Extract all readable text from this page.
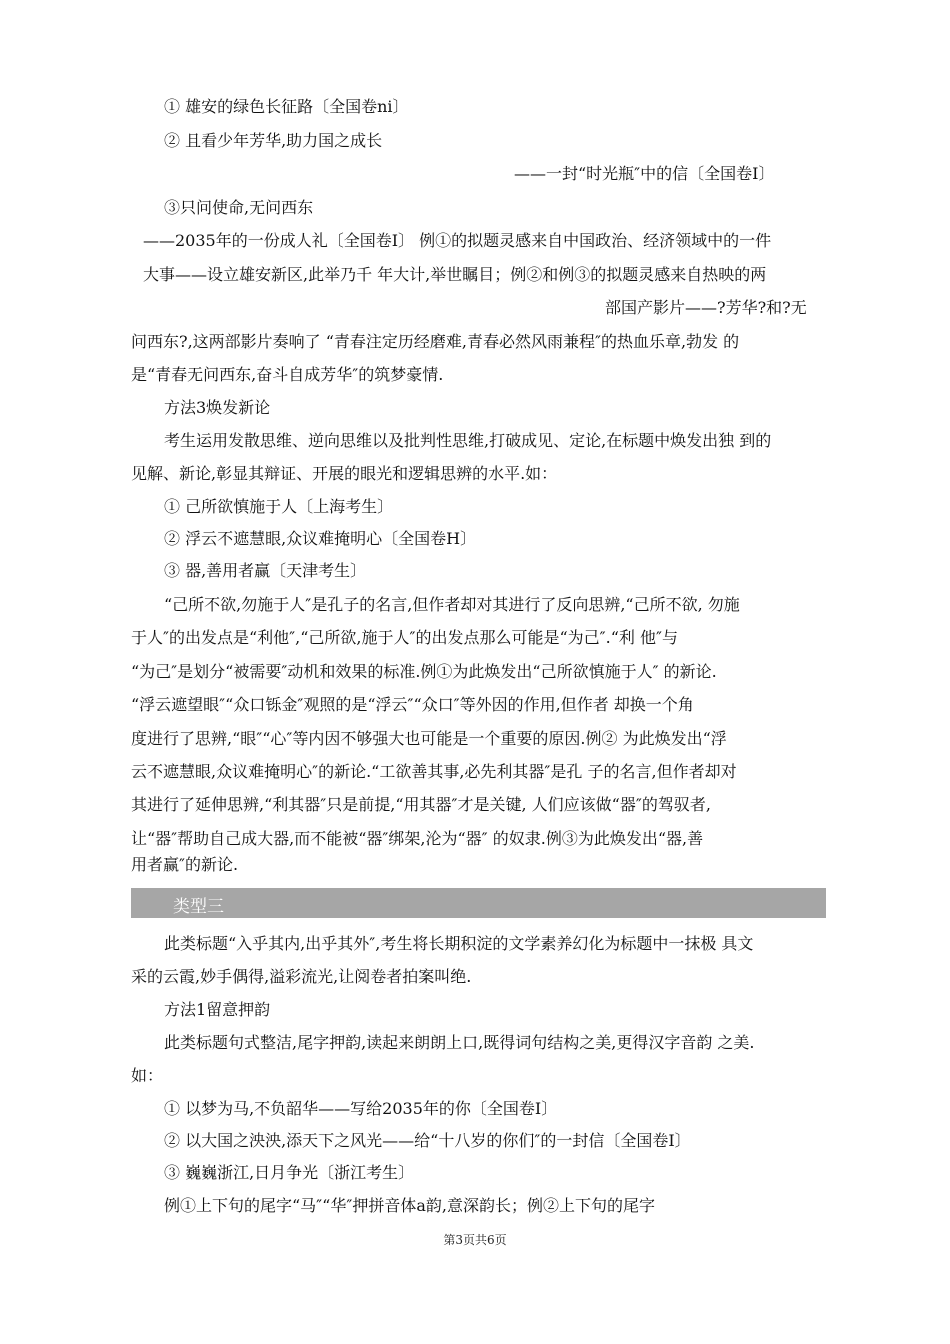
① 雄安的绿色长征路〔全国卷ni〕
② 且看少年芳华,助力国之成长
——一封“时光瓶″中的信〔全国卷I〕
③只问使命,无问西东
——2035年的一份成人礼〔全国卷Ⅰ〕 例①的拟题灵感来自中国政治、经济领域中的一件
大事——设立雄安新区,此举乃千 年大计,举世瞩目；例②和例③的拟题灵感来自热映的两
部国产影片——?芳华?和?无
问西东?,这两部影片奏响了 “青春注定历经磨难,青春必然风雨兼程″的热血乐章,勃发 的
是“青春无问西东,奋斗自成芳华″的筑梦豪情.
方法3焕发新论
考生运用发散思维、逆向思维以及批判性思维,打破成见、定论,在标题中焕发出独 到的
见解、新论,彰显其辩证、开展的眼光和逻辑思辨的水平.如：
① 己所欲慎施于人〔上海考生〕
② 浮云不遮慧眼,众议难掩明心〔全国卷H〕
③ 器,善用者赢〔天津考生〕
“己所不欲,勿施于人″是孔子的名言,但作者却对其进行了反向思辨,“己所不欲, 勿施
于人″的出发点是“利他″,“己所欲,施于人″的出发点那么可能是“为己″.“利 他″与
“为己″是划分“被需要″动机和效果的标准.例①为此焕发出“己所欲慎施于人″ 的新论.
“浮云遮望眼″“众口铄金″观照的是“浮云″“众口″等外因的作用,但作者 却换一个角
度进行了思辨,“眼″“心″等内因不够强大也可能是一个重要的原因.例② 为此焕发出“浮
云不遮慧眼,众议难掩明心″的新论.“工欲善其事,必先利其器″是孔 子的名言,但作者却对
其进行了延伸思辨,“利其器″只是前提,“用其器″才是关键, 人们应该做“器″的驾驭者,
让“器″帮助自己成大器,而不能被“器″绑架,沦为“器″ 的奴隶.例③为此焕发出“器,善
用者赢″的新论.
类型三
此类标题“入乎其内,出乎其外″,考生将长期积淀的文学素养幻化为标题中一抹极 具文
采的云霞,妙手偶得,溢彩流光,让阅卷者拍案叫绝.
方法1留意押韵
此类标题句式整洁,尾字押韵,读起来朗朗上口,既得词句结构之美,更得汉字音韵 之美.
如：
① 以梦为马,不负韶华——写给2035年的你〔全国卷I〕
② 以大国之泱泱,添天下之风光——给“十八岁的你们″的一封信〔全国卷I〕
③ 巍巍浙江,日月争光〔浙江考生〕
例①上下句的尾字“马″“华″押拼音体a韵,意深韵长；例②上下句的尾字
第3页共6页
